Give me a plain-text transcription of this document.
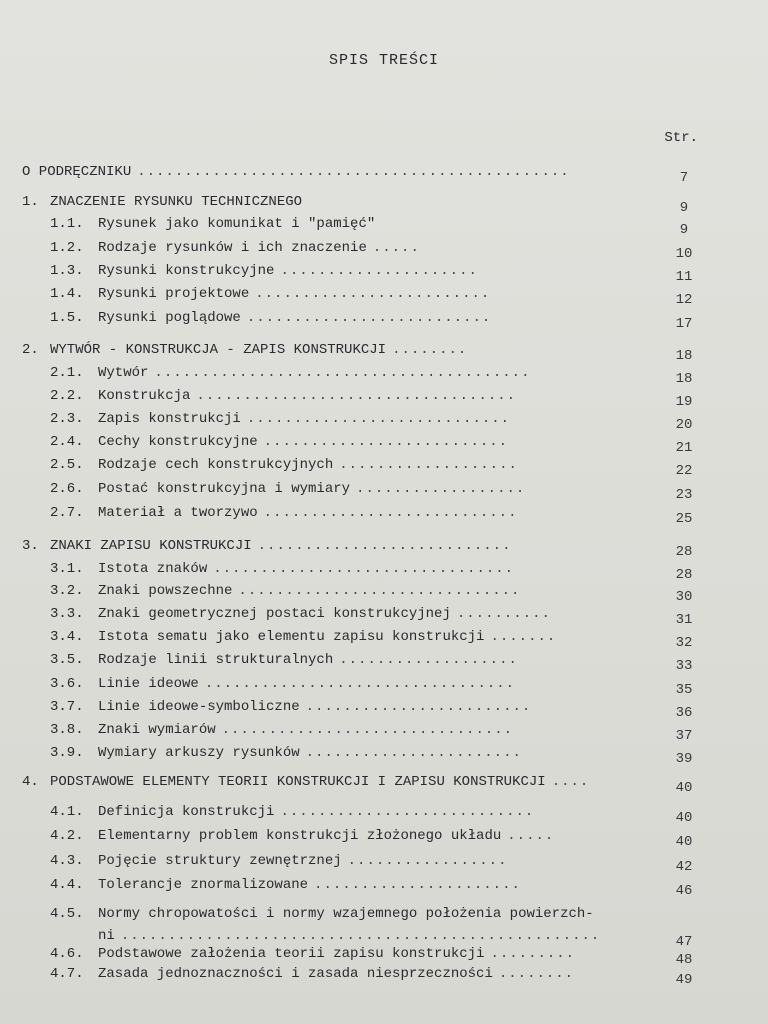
SPIS TREŚCI
Str.
O PODRĘCZNIKU ..............................................	7
1. ZNACZENIE RYSUNKU TECHNICZNEGO	9
1.1. Rysunek jako komunikat i "pamięć"	9
1.2. Rodzaje rysunków i ich znaczenie .....	10
1.3. Rysunki konstrukcyjne .....................	11
1.4. Rysunki projektowe .........................	12
1.5. Rysunki poglądowe ..........................	17
2. WYTWÓR - KONSTRUKCJA - ZAPIS KONSTRUKCJI ........	18
2.1. Wytwór ........................................	18
2.2. Konstrukcja ..................................	19
2.3. Zapis konstrukcji ............................	20
2.4. Cechy konstrukcyjne ..........................	21
2.5. Rodzaje cech konstrukcyjnych ...................	22
2.6. Postać konstrukcyjna i wymiary ..................	23
2.7. Materiał a tworzywo ...........................	25
3. ZNAKI ZAPISU KONSTRUKCJI ...........................	28
3.1. Istota znaków ................................	28
3.2. Znaki powszechne ..............................	30
3.3. Znaki geometrycznej postaci konstrukcyjnej ..........	31
3.4. Istota sematu jako elementu zapisu konstrukcji .......	32
3.5. Rodzaje linii strukturalnych ...................	33
3.6. Linie ideowe .................................	35
3.7. Linie ideowe-symboliczne ........................	36
3.8. Znaki wymiarów ...............................	37
3.9. Wymiary arkuszy rysunków .......................	39
4. PODSTAWOWE ELEMENTY TEORII KONSTRUKCJI I ZAPISU KONSTRUKCJI ....	40
4.1. Definicja konstrukcji ...........................	40
4.2. Elementarny problem konstrukcji złożonego układu .....	40
4.3. Pojęcie struktury zewnętrznej .................	42
4.4. Tolerancje znormalizowane ......................	46
4.5. Normy chropowatości i normy wzajemnego położenia powierzch-
ni ...................................................	47
4.6. Podstawowe założenia teorii zapisu konstrukcji .........	48
4.7. Zasada jednoznaczności i zasada niesprzeczności ........	49
